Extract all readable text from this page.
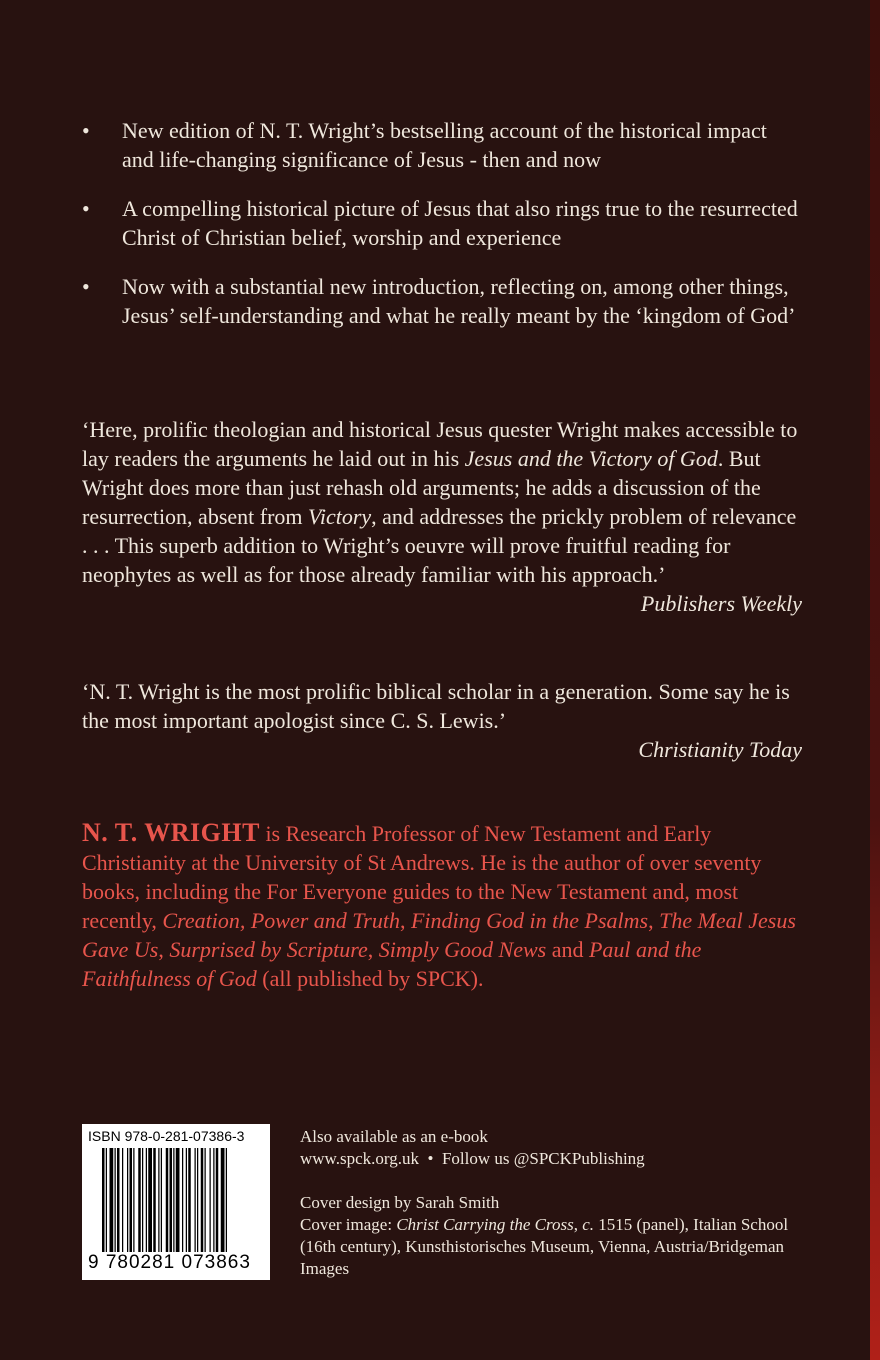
• New edition of N. T. Wright’s bestselling account of the historical impact and life-changing significance of Jesus - then and now
• A compelling historical picture of Jesus that also rings true to the resurrected Christ of Christian belief, worship and experience
• Now with a substantial new introduction, reflecting on, among other things, Jesus’ self-understanding and what he really meant by the ‘kingdom of God’
‘Here, prolific theologian and historical Jesus quester Wright makes accessible to lay readers the arguments he laid out in his Jesus and the Victory of God. But Wright does more than just rehash old arguments; he adds a discussion of the resurrection, absent from Victory, and addresses the prickly problem of relevance . . . This superb addition to Wright’s oeuvre will prove fruitful reading for neophytes as well as for those already familiar with his approach.’
Publishers Weekly
‘N. T. Wright is the most prolific biblical scholar in a generation. Some say he is the most important apologist since C. S. Lewis.’
Christianity Today
N. T. WRIGHT is Research Professor of New Testament and Early Christianity at the University of St Andrews. He is the author of over seventy books, including the For Everyone guides to the New Testament and, most recently, Creation, Power and Truth, Finding God in the Psalms, The Meal Jesus Gave Us, Surprised by Scripture, Simply Good News and Paul and the Faithfulness of God (all published by SPCK).
ISBN 978-0-281-07386-3
9 780281 073863

Also available as an e-book

www.spck.org.uk • Follow us @SPCKPublishing

Cover design by Sarah Smith

Cover image: Christ Carrying the Cross, c. 1515 (panel), Italian School (16th century), Kunsthistorisches Museum, Vienna, Austria/Bridgeman Images
